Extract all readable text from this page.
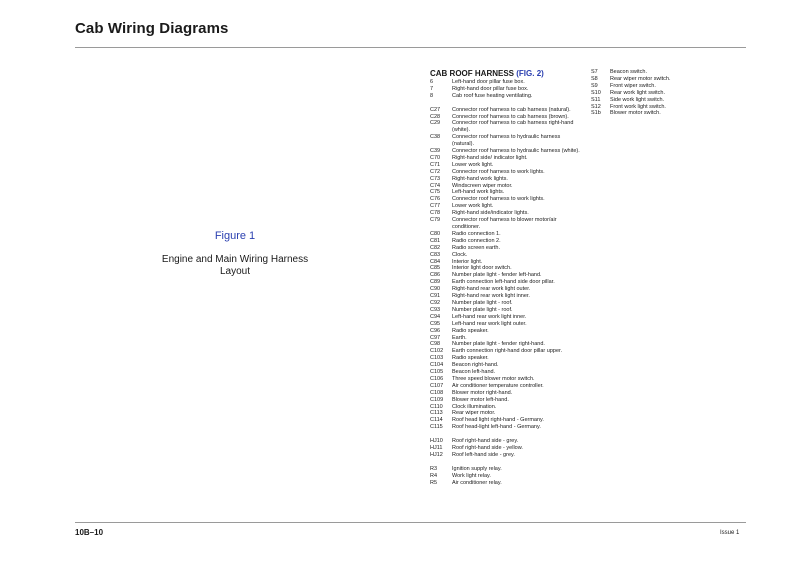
Cab Wiring Diagrams
Figure 1
Engine and Main Wiring Harness
Layout
CAB ROOF HARNESS (FIG. 2)
6	Left-hand door pillar fuse box.
7	Right-hand door pillar fuse box.
8	Cab roof fuse heating ventilating.
C27	Connector roof harness to cab harness (natural).
C28	Connector roof harness to cab harness (brown).
C29	Connector roof harness to cab harness right-hand (white).
C38	Connector roof harness to hydraulic harness (natural).
C39	Connector roof harness to hydraulic harness (white).
C70	Right-hand side/ indicator light.
C71	Lower work light.
C72	Connector roof harness to work lights.
C73	Right-hand work lights.
C74	Windscreen wiper motor.
C75	Left-hand work lights.
C76	Connector roof harness to work lights.
C77	Lower work light.
C78	Right-hand side/indicator lights.
C79	Connector roof harness to blower motor/air conditioner.
C80	Radio connection 1.
C81	Radio connection 2.
C82	Radio screen earth.
C83	Clock.
C84	Interior light.
C85	Interior light door switch.
C86	Number plate light - fender left-hand.
C89	Earth connection left-hand side door pillar.
C90	Right-hand rear work light outer.
C91	Right-hand rear work light inner.
C92	Number plate light - roof.
C93	Number plate light - roof.
C94	Left-hand rear work light inner.
C95	Left-hand rear work light outer.
C96	Radio speaker.
C97	Earth.
C98	Number plate light - fender right-hand.
C102	Earth connection right-hand door pillar upper.
C103	Radio speaker.
C104	Beacon right-hand.
C105	Beacon left-hand.
C106	Three speed blower motor switch.
C107	Air conditioner temperature controller.
C108	Blower motor right-hand.
C109	Blower motor left-hand.
C110	Clock illumination.
C113	Rear wiper motor.
C114	Roof head light right-hand - Germany.
C115	Roof head-light left-hand - Germany.
HJ10	Roof right-hand side - grey.
HJ11	Roof right-hand side - yellow.
HJ12	Roof left-hand side - grey.
R3	Ignition supply relay.
R4	Work light relay.
R5	Air conditioner relay.
S7	Beacon switch.
S8	Rear wiper motor switch.
S9	Front wiper switch.
S10	Rear work light switch.
S11	Side work light switch.
S12	Front work light switch.
S1b	Blower motor switch.
10B–10	Issue 1
